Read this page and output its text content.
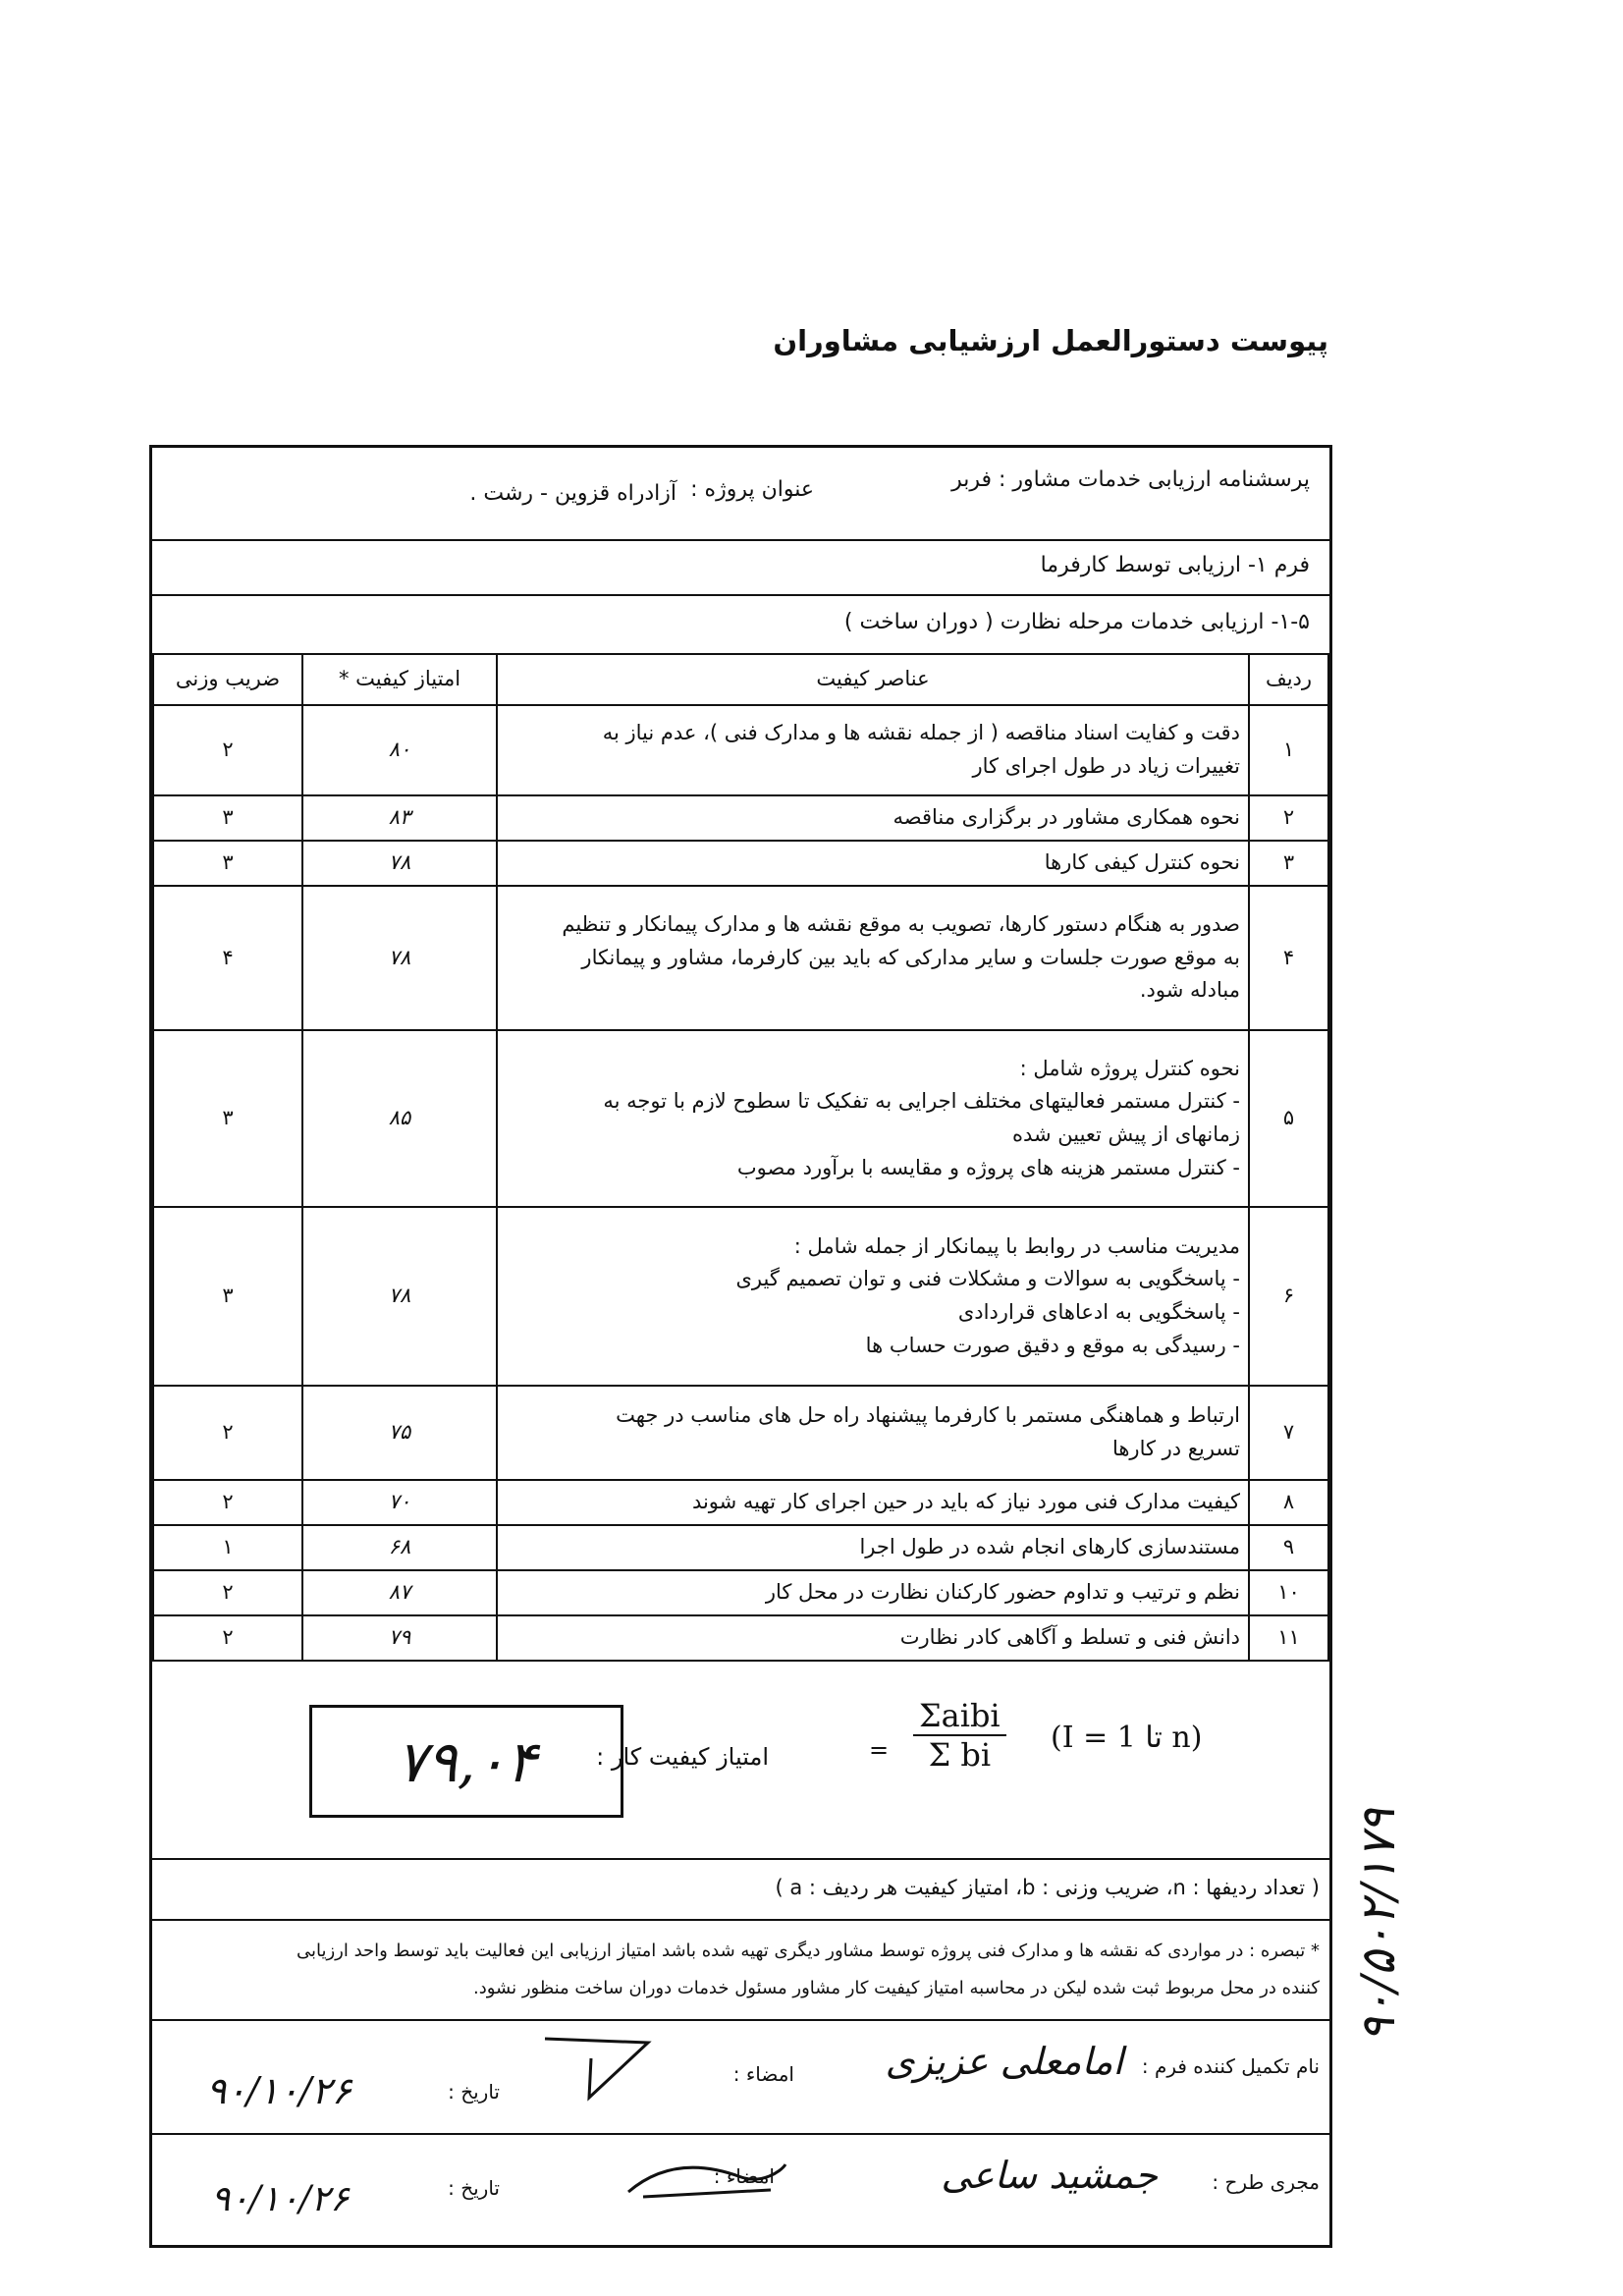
پیوست دستورالعمل ارزشیابی مشاوران
پرسشنامه ارزیابی خدمات مشاور : فربر
عنوان پروژه :
آزادراه قزوین - رشت .
فرم ۱- ارزیابی توسط کارفرما
۱-۵- ارزیابی خدمات مرحله نظارت ( دوران ساخت )
ردیف	عناصر کیفیت	امتیاز کیفیت *	ضریب وزنی
۱	دقت و کفایت اسناد مناقصه ( از جمله نقشه ها و مدارک فنی )، عدم نیاز به
تغییرات زیاد در طول اجرای کار	۸۰	۲
۲	نحوه همکاری مشاور در برگزاری مناقصه	۸۳	۳
۳	نحوه کنترل کیفی کارها	۷۸	۳
۴	صدور به هنگام دستور کارها، تصویب به موقع نقشه ها و مدارک پیمانکار و تنظیم
به موقع صورت جلسات و سایر مدارکی که باید بین کارفرما، مشاور و پیمانکار
مبادله شود.	۷۸	۴
۵	نحوه کنترل پروژه شامل :
- کنترل مستمر فعالیتهای مختلف اجرایی به تفکیک تا سطوح لازم با توجه به
زمانهای از پیش تعیین شده
- کنترل مستمر هزینه های پروژه و مقایسه با برآورد مصوب	۸۵	۳
۶	مدیریت مناسب در روابط با پیمانکار از جمله شامل :
- پاسخگویی به سوالات و مشکلات فنی و توان تصمیم گیری
- پاسخگویی به ادعاهای قراردادی
- رسیدگی به موقع و دقیق صورت حساب ها	۷۸	۳
۷	ارتباط و هماهنگی مستمر با کارفرما پیشنهاد راه حل های مناسب در جهت
تسریع در کارها	۷۵	۲
۸	کیفیت مدارک فنی مورد نیاز که باید در حین اجرای کار تهیه شوند	۷۰	۲
۹	مستندسازی کارهای انجام شده در طول اجرا	۶۸	۱
۱۰	نظم و ترتیب و تداوم حضور کارکنان نظارت در محل کار	۸۷	۲
۱۱	دانش فنی و تسلط و آگاهی کادر نظارت	۷۹	۲
( تعداد ردیفها : n، ضریب وزنی : b، امتیاز کیفیت هر ردیف : a )
* تبصره : در مواردی که نقشه ها و مدارک فنی پروژه توسط مشاور دیگری تهیه شده باشد امتیاز ارزیابی این فعالیت باید توسط واحد ارزیابی
کننده در محل مربوط ثبت شده لیکن در محاسبه امتیاز کیفیت کار مشاور مسئول خدمات دوران ساخت منظور نشود.
نام تکمیل کننده فرم :
امامعلی عزیزی
امضاء :
تاریخ :
۹۰/۱۰/۲۶
مجری طرح :
جمشید ساعی
امضاء :
تاریخ :
۹۰/۱۰/۲۶
۷۹,۰۴	امتیاز کیفیت کار :	=
Σaibi
Σ bi	(I = 1 تا n)
۹۰/۵۰۲/۱۷۹
